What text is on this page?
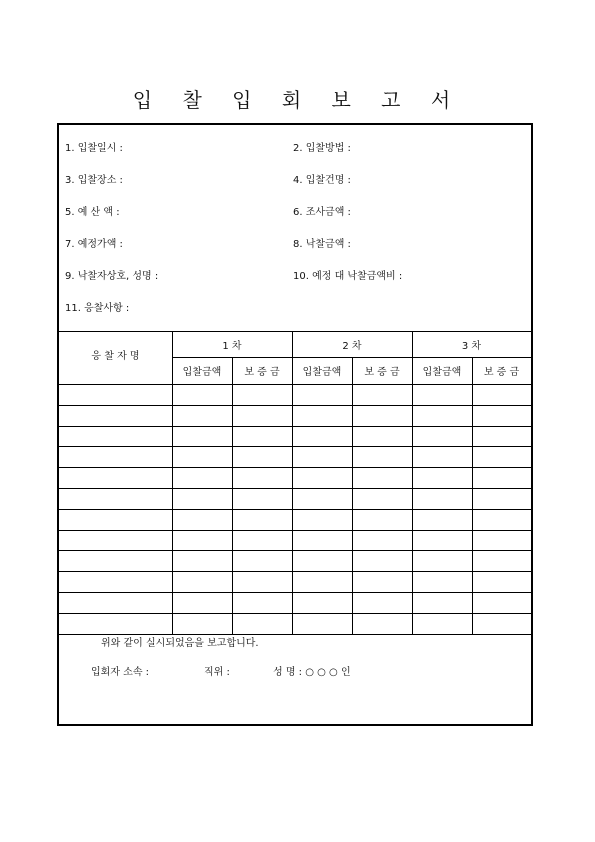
입 찰 입 회 보 고 서
1. 입찰일시 :	2. 입찰방법 :
3. 입찰장소 :	4. 입찰건명 :
5. 예 산 액 :	6. 조사금액 :
7. 예정가액 :	8. 낙찰금액 :
9. 낙찰자상호, 성명 :	10. 예정 대 낙찰금액비 :
11. 응찰사항 :
응 찰 자 명
1 차	2 차	3 차
입찰금액	보 증 금	입찰금액	보 증 금	입찰금액	보 증 금
위와 같이 실시되었음을 보고합니다.
입회자 소속 :	직위 :	성 명 : ○ ○ ○ 인
